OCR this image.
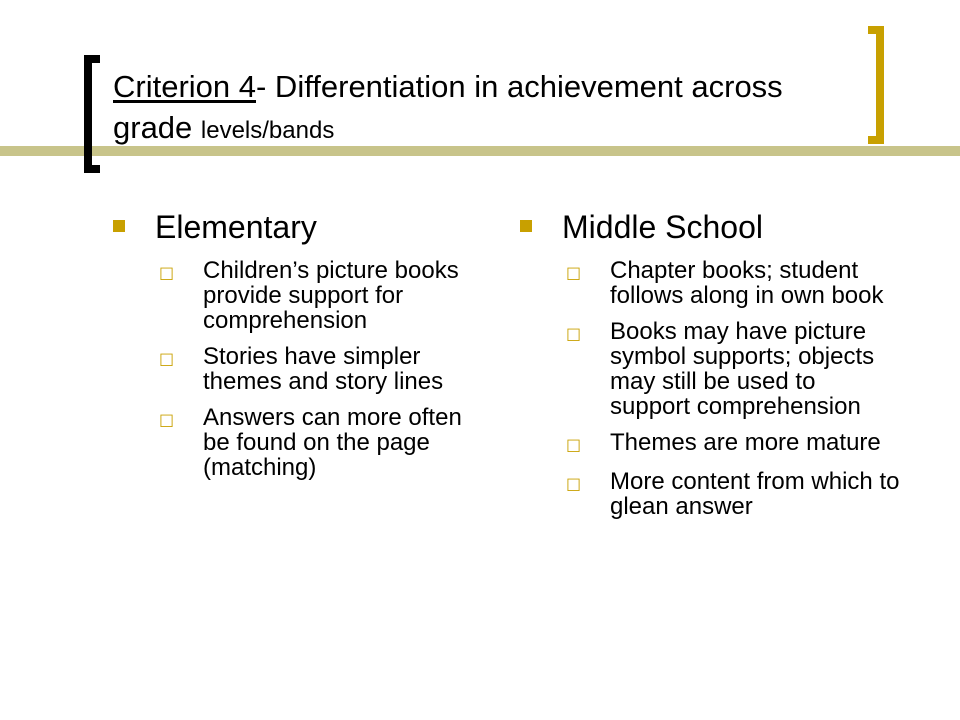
Criterion 4- Differentiation in achievement across grade levels/bands
Elementary
□	Children’s picture books provide support for comprehension
□	Stories have simpler themes and story lines
□	Answers can more often be found on the page (matching)
Middle School
□	Chapter books; student follows along in own book
□	Books may have picture symbol supports; objects may still be used to support comprehension
□	Themes are more mature
□	More content from which to glean answer
